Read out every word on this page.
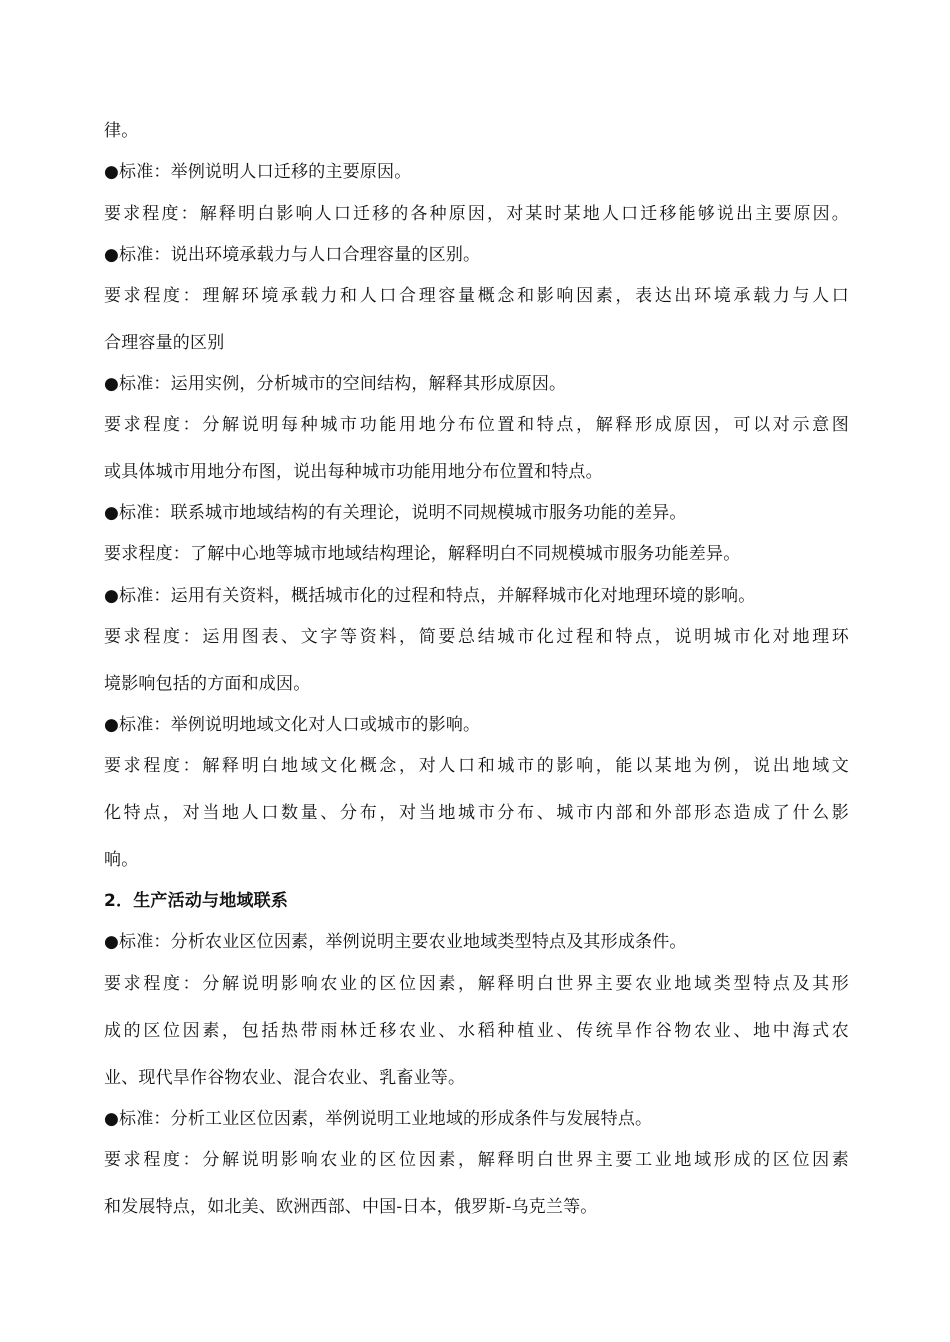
律。
●标准：举例说明人口迁移的主要原因。
要求程度：解释明白影响人口迁移的各种原因，对某时某地人口迁移能够说出主要原因。
●标准：说出环境承载力与人口合理容量的区别。
要求程度：理解环境承载力和人口合理容量概念和影响因素，表达出环境承载力与人口
合理容量的区别
●标准：运用实例，分析城市的空间结构，解释其形成原因。
要求程度：分解说明每种城市功能用地分布位置和特点，解释形成原因，可以对示意图
或具体城市用地分布图，说出每种城市功能用地分布位置和特点。
●标准：联系城市地域结构的有关理论，说明不同规模城市服务功能的差异。
要求程度：了解中心地等城市地域结构理论，解释明白不同规模城市服务功能差异。
●标准：运用有关资料，概括城市化的过程和特点，并解释城市化对地理环境的影响。
要求程度：运用图表、文字等资料，简要总结城市化过程和特点，说明城市化对地理环
境影响包括的方面和成因。
●标准：举例说明地域文化对人口或城市的影响。
要求程度：解释明白地域文化概念，对人口和城市的影响，能以某地为例，说出地域文
化特点，对当地人口数量、分布，对当地城市分布、城市内部和外部形态造成了什么影
响。
2．生产活动与地域联系
●标准：分析农业区位因素，举例说明主要农业地域类型特点及其形成条件。
要求程度：分解说明影响农业的区位因素，解释明白世界主要农业地域类型特点及其形
成的区位因素，包括热带雨林迁移农业、水稻种植业、传统旱作谷物农业、地中海式农
业、现代旱作谷物农业、混合农业、乳畜业等。
●标准：分析工业区位因素，举例说明工业地域的形成条件与发展特点。
要求程度：分解说明影响农业的区位因素，解释明白世界主要工业地域形成的区位因素
和发展特点，如北美、欧洲西部、中国-日本，俄罗斯-乌克兰等。
